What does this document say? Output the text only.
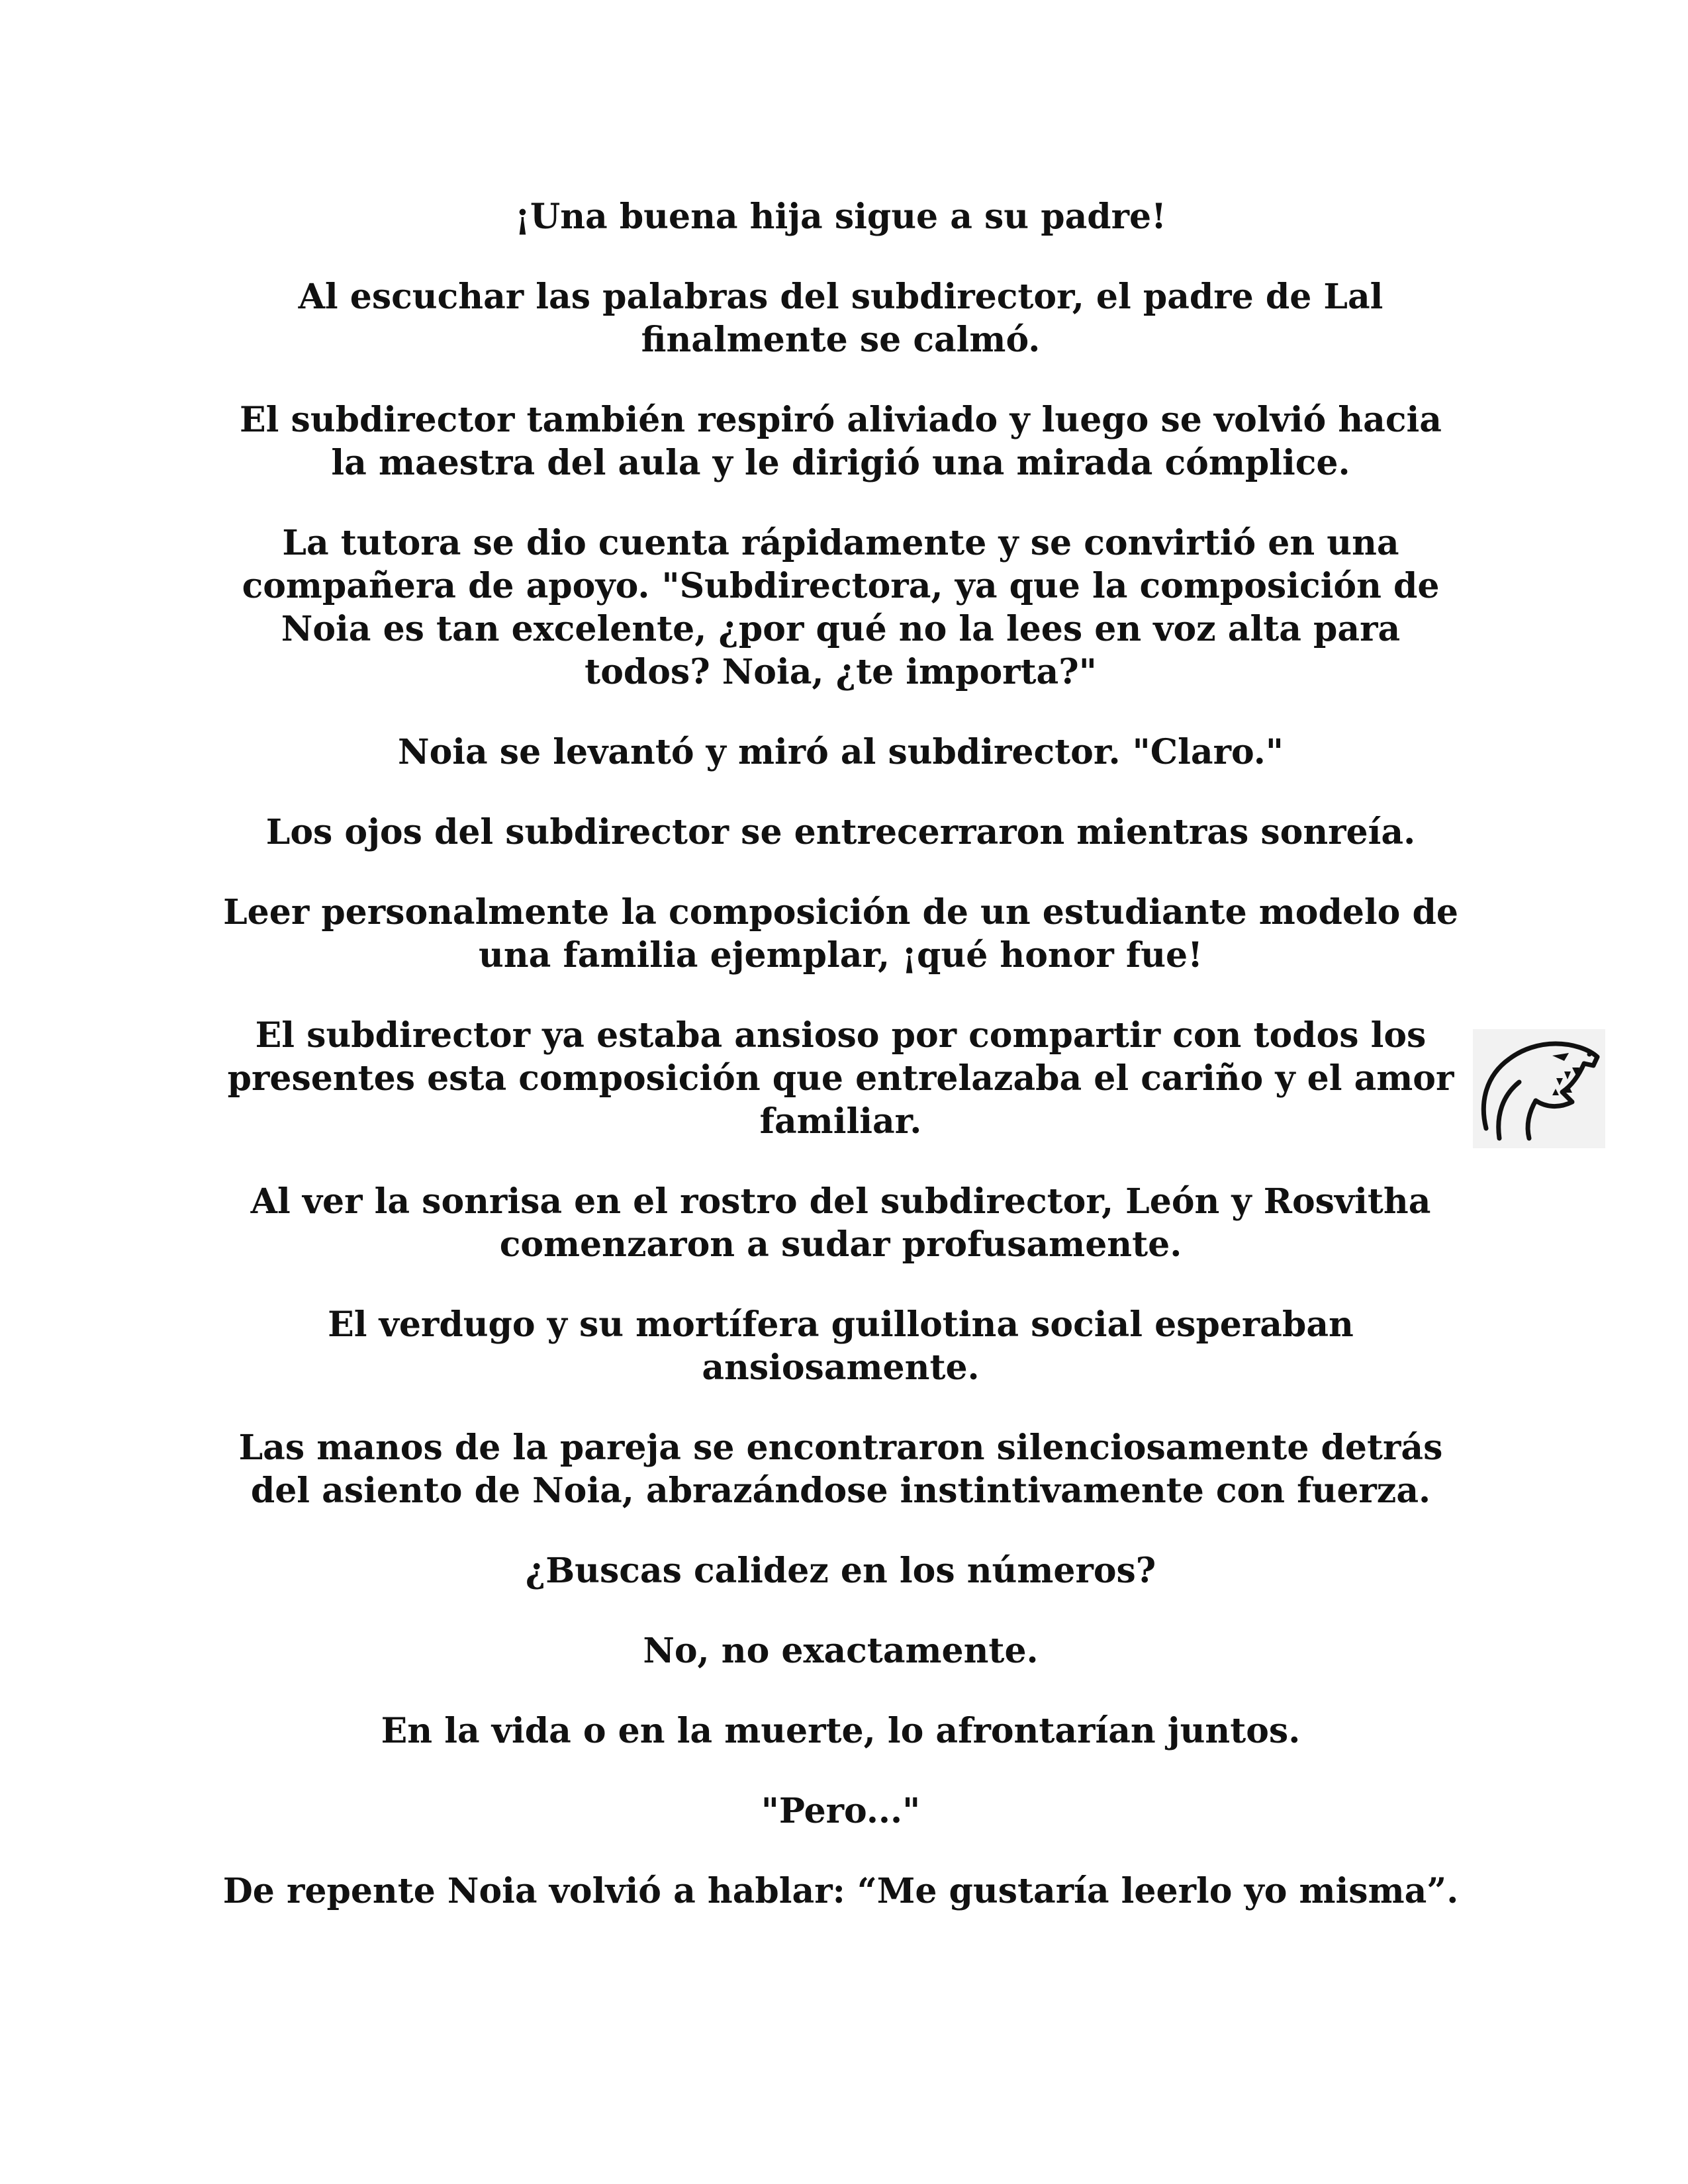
¡Una buena hija sigue a su padre!

Al escuchar las palabras del subdirector, el padre de Lal finalmente se calmó.

El subdirector también respiró aliviado y luego se volvió hacia la maestra del aula y le dirigió una mirada cómplice.

La tutora se dio cuenta rápidamente y se convirtió en una compañera de apoyo. "Subdirectora, ya que la composición de Noia es tan excelente, ¿por qué no la lees en voz alta para todos? Noia, ¿te importa?"

Noia se levantó y miró al subdirector. "Claro."

Los ojos del subdirector se entrecerraron mientras sonreía.

Leer personalmente la composición de un estudiante modelo de una familia ejemplar, ¡qué honor fue!

El subdirector ya estaba ansioso por compartir con todos los presentes esta composición que entrelazaba el cariño y el amor familiar.

Al ver la sonrisa en el rostro del subdirector, León y Rosvitha comenzaron a sudar profusamente.

El verdugo y su mortífera guillotina social esperaban ansiosamente.

Las manos de la pareja se encontraron silenciosamente detrás del asiento de Noia, abrazándose instintivamente con fuerza.

¿Buscas calidez en los números?

No, no exactamente.

En la vida o en la muerte, lo afrontarían juntos.

"Pero..."

De repente Noia volvió a hablar: “Me gustaría leerlo yo misma”.
